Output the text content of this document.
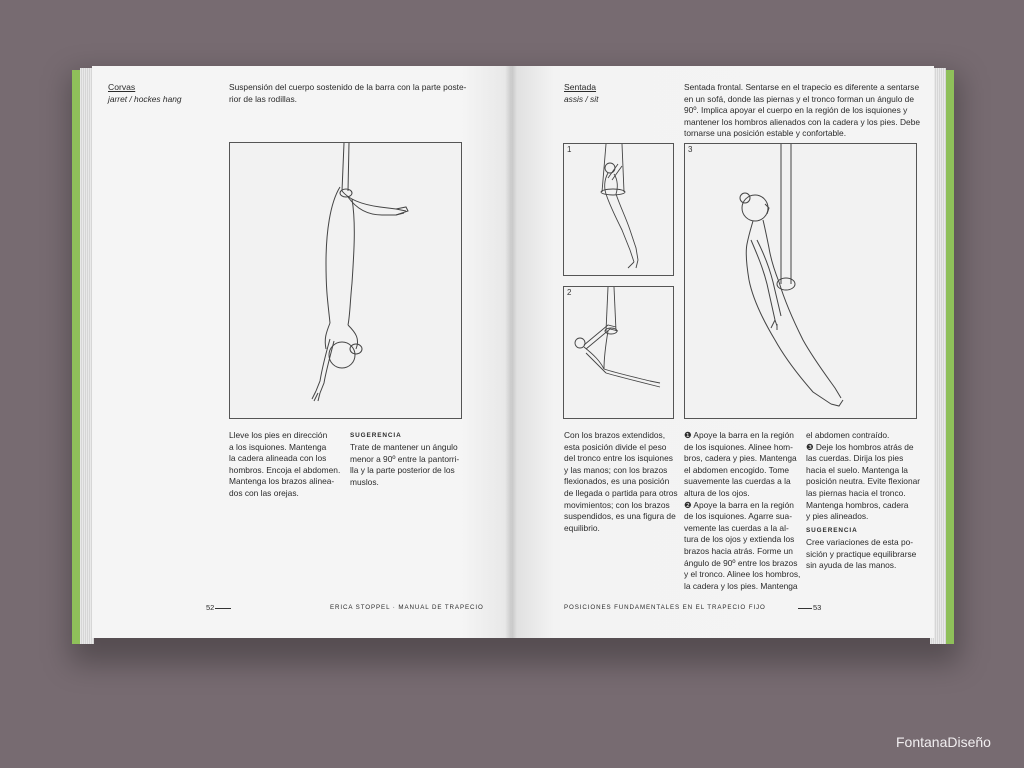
Corvas
jarret / hockes hang
Suspensión del cuerpo sostenido de la barra con la parte poste-
rior de las rodillas.
Lleve los pies en dirección
a los isquiones. Mantenga
la cadera alineada con los
hombros. Encoja el abdomen.
Mantenga los brazos alinea-
dos con las orejas.
SUGERENCIA
Trate de mantener un ángulo
menor a 90º entre la pantorri-
lla y la parte posterior de los
muslos.
52	ERICA STOPPEL · MANUAL DE TRAPECIO
Sentada
assis / sit
Sentada frontal. Sentarse en el trapecio es diferente a sentarse
en un sofá, donde las piernas y el tronco forman un ángulo de
90º. Implica apoyar el cuerpo en la región de los isquiones y
mantener los hombros alienados con la cadera y los pies. Debe
tornarse una posición estable y confortable.
1
2
3
Con los brazos extendidos,
esta posición divide el peso
del tronco entre los isquiones
y las manos; con los brazos
flexionados, es una posición
de llegada o partida para otros
movimientos; con los brazos
suspendidos, es una figura de
equilibrio.
❶ Apoye la barra en la región
de los isquiones. Alinee hom-
bros, cadera y pies. Mantenga
el abdomen encogido. Tome
suavemente las cuerdas a la
altura de los ojos.
❷ Apoye la barra en la región
de los isquiones. Agarre sua-
vemente las cuerdas a la al-
tura de los ojos y extienda los
brazos hacia atrás. Forme un
ángulo de 90º entre los brazos
y el tronco. Alinee los hombros,
la cadera y los pies. Mantenga
el abdomen contraído.
❸ Deje los hombros atrás de
las cuerdas. Dirija los pies
hacia el suelo. Mantenga la
posición neutra. Evite flexionar
las piernas hacia el tronco.
Mantenga hombros, cadera
y pies alineados.
SUGERENCIA
Cree variaciones de esta po-
sición y practique equilibrarse
sin ayuda de las manos.
POSICIONES FUNDAMENTALES EN EL TRAPECIO FIJO	53
FontanaDiseño
